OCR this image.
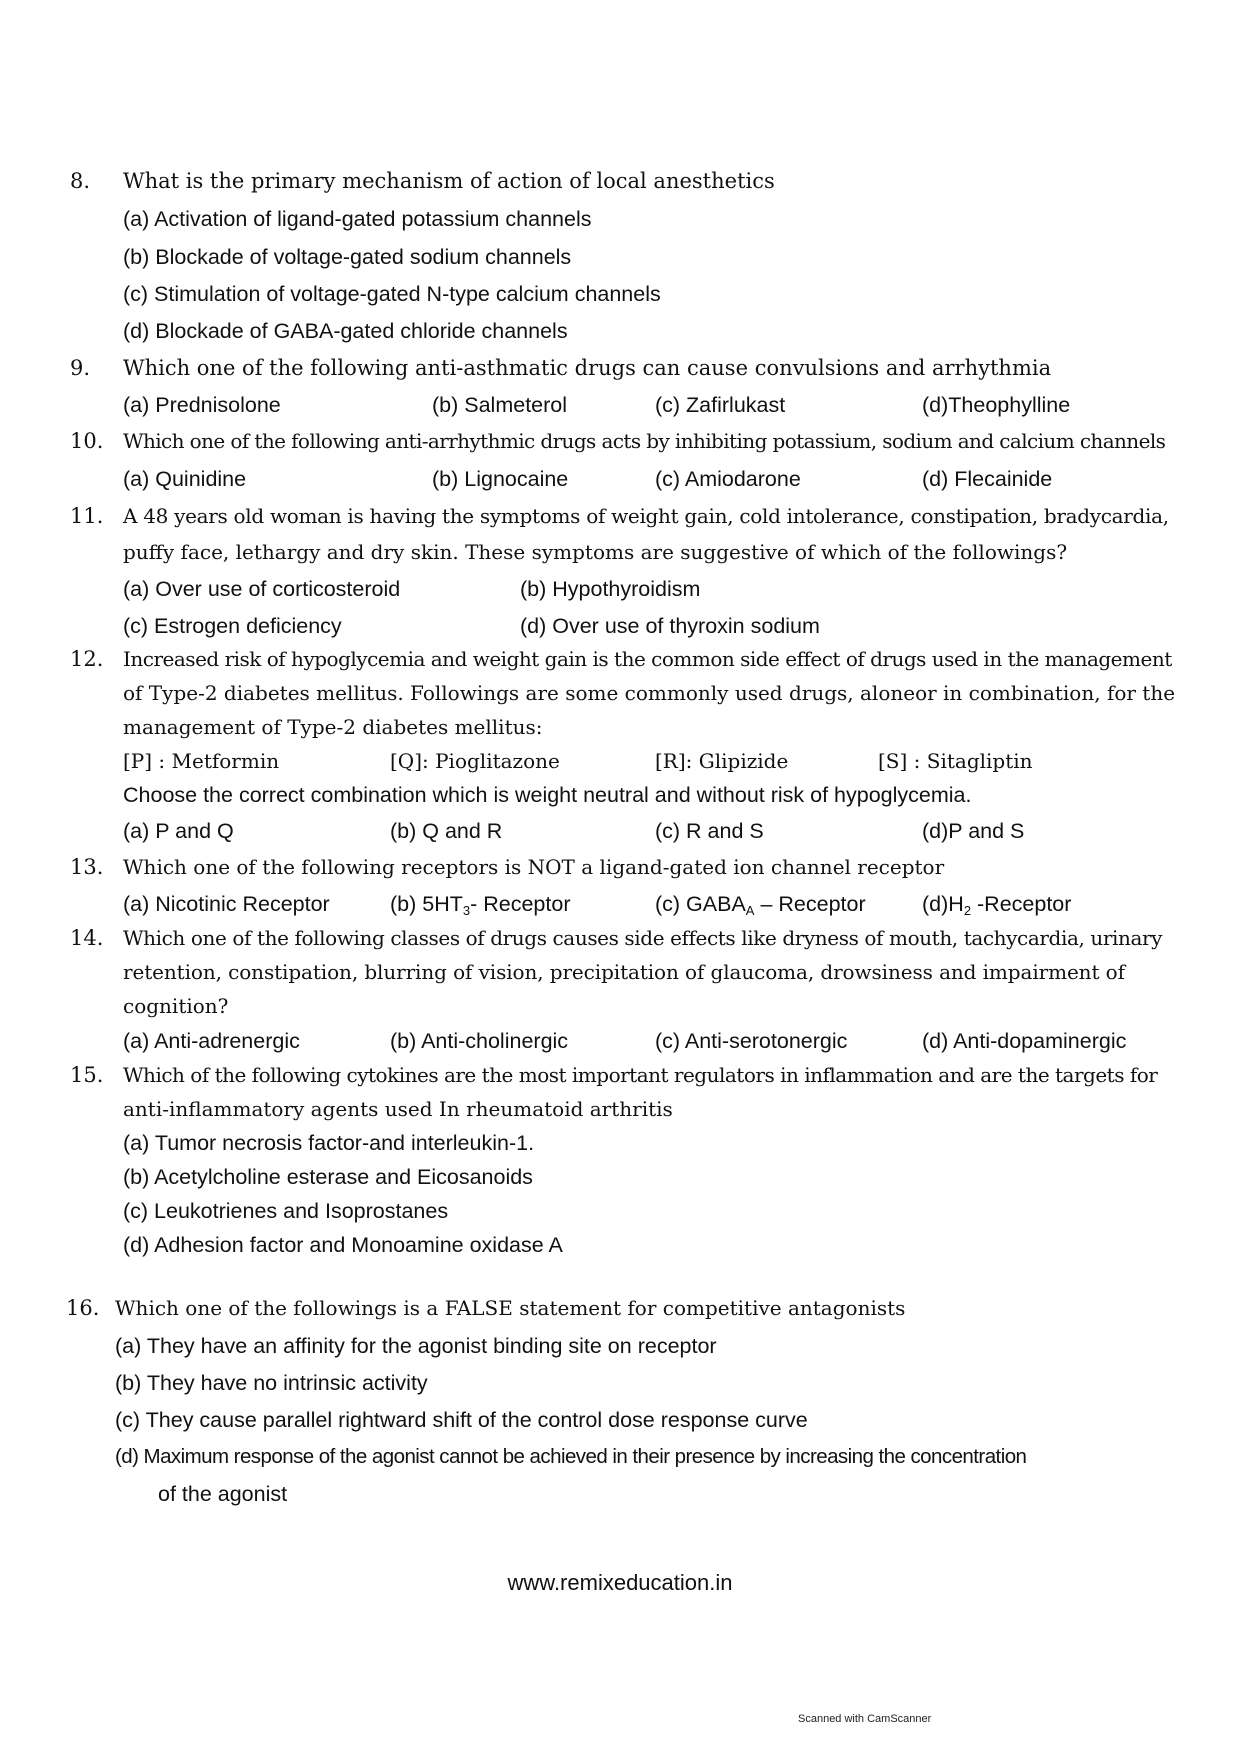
8. What is the primary mechanism of action of local anesthetics
(a) Activation of ligand-gated potassium channels
(b) Blockade of voltage-gated sodium channels
(c) Stimulation of voltage-gated N-type calcium channels
(d) Blockade of GABA-gated chloride channels
9. Which one of the following anti-asthmatic drugs can cause convulsions and arrhythmia
(a) Prednisolone	(b) Salmeterol	(c) Zafirlukast	(d)Theophylline
10. Which one of the following anti-arrhythmic drugs acts by inhibiting potassium, sodium and calcium channels
(a) Quinidine	(b) Lignocaine	(c) Amiodarone	(d) Flecainide
11. A 48 years old woman is having the symptoms of weight gain, cold intolerance, constipation, bradycardia,
puffy face, lethargy and dry skin. These symptoms are suggestive of which of the followings?
(a) Over use of corticosteroid	(b) Hypothyroidism
(c) Estrogen deficiency	(d) Over use of thyroxin sodium
12. Increased risk of hypoglycemia and weight gain is the common side effect of drugs used in the management
of Type-2 diabetes mellitus. Followings are some commonly used drugs, aloneor in combination, for the
management of Type-2 diabetes mellitus:
[P] : Metformin	[Q]: Pioglitazone	[R]: Glipizide	[S] : Sitagliptin
Choose the correct combination which is weight neutral and without risk of hypoglycemia.
(a) P and Q	(b) Q and R	(c) R and S	(d)P and S
13. Which one of the following receptors is NOT a ligand-gated ion channel receptor
(a) Nicotinic Receptor	(b) $5HT_3-$ Receptor	(c) $GABA_A$ – Receptor	$(d)H_2$ -Receptor
14. Which one of the following classes of drugs causes side effects like dryness of mouth, tachycardia, urinary
retention, constipation, blurring of vision, precipitation of glaucoma, drowsiness and impairment of
cognition?
(a) Anti-adrenergic	(b) Anti-cholinergic	(c) Anti-serotonergic	(d) Anti-dopaminergic
15. Which of the following cytokines are the most important regulators in inflammation and are the targets for
anti-inflammatory agents used In rheumatoid arthritis
(a) Tumor necrosis factor-and interleukin-1.
(b) Acetylcholine esterase and Eicosanoids
(c) Leukotrienes and Isoprostanes
(d) Adhesion factor and Monoamine oxidase A
16. Which one of the followings is a FALSE statement for competitive antagonists
(a) They have an affinity for the agonist binding site on receptor
(b) They have no intrinsic activity
(c) They cause parallel rightward shift of the control dose response curve
(d) Maximum response of the agonist cannot be achieved in their presence by increasing the concentration
of the agonist
www.remixeducation.in
Scanned with CamScanner
